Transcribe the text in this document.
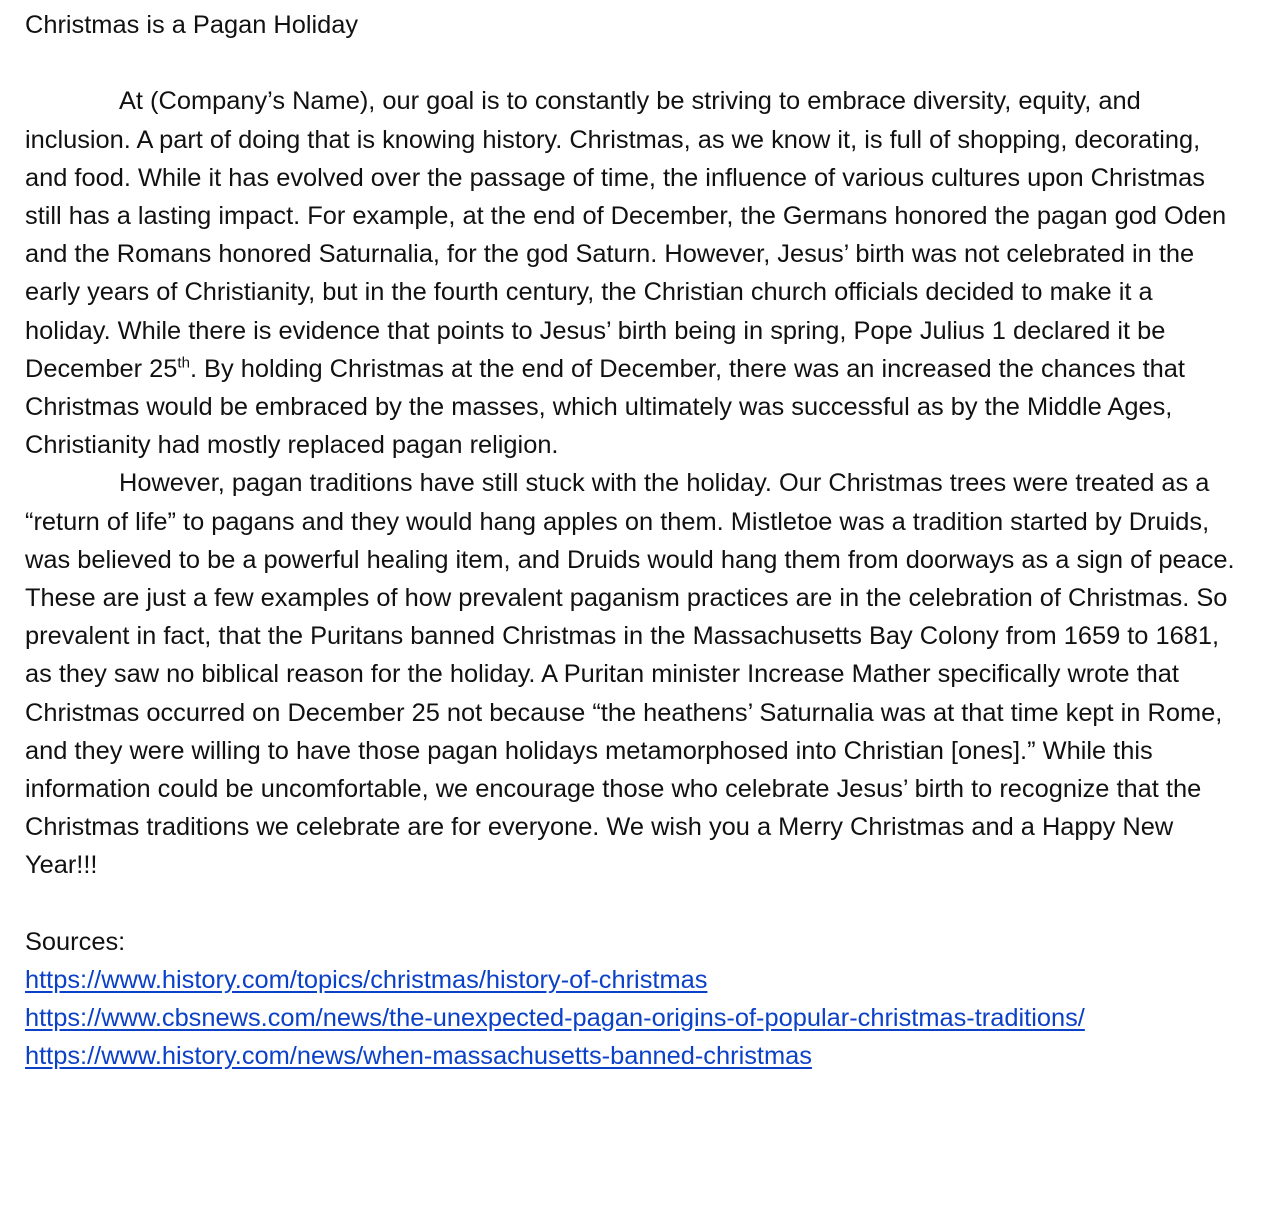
Christmas is a Pagan Holiday

At (Company’s Name), our goal is to constantly be striving to embrace diversity, equity, and inclusion. A part of doing that is knowing history. Christmas, as we know it, is full of shopping, decorating, and food. While it has evolved over the passage of time, the influence of various cultures upon Christmas still has a lasting impact. For example, at the end of December, the Germans honored the pagan god Oden and the Romans honored Saturnalia, for the god Saturn. However, Jesus’ birth was not celebrated in the early years of Christianity, but in the fourth century, the Christian church officials decided to make it a holiday. While there is evidence that points to Jesus’ birth being in spring, Pope Julius 1 declared it be December 25th. By holding Christmas at the end of December, there was an increased the chances that Christmas would be embraced by the masses, which ultimately was successful as by the Middle Ages, Christianity had mostly replaced pagan religion.

However, pagan traditions have still stuck with the holiday. Our Christmas trees were treated as a “return of life” to pagans and they would hang apples on them. Mistletoe was a tradition started by Druids, was believed to be a powerful healing item, and Druids would hang them from doorways as a sign of peace. These are just a few examples of how prevalent paganism practices are in the celebration of Christmas. So prevalent in fact, that the Puritans banned Christmas in the Massachusetts Bay Colony from 1659 to 1681, as they saw no biblical reason for the holiday. A Puritan minister Increase Mather specifically wrote that Christmas occurred on December 25 not because “the heathens’ Saturnalia was at that time kept in Rome, and they were willing to have those pagan holidays metamorphosed into Christian [ones].” While this information could be uncomfortable, we encourage those who celebrate Jesus’ birth to recognize that the Christmas traditions we celebrate are for everyone. We wish you a Merry Christmas and a Happy New Year!!!

Sources:

https://www.history.com/topics/christmas/history-of-christmas
https://www.cbsnews.com/news/the-unexpected-pagan-origins-of-popular-christmas-traditions/
https://www.history.com/news/when-massachusetts-banned-christmas
